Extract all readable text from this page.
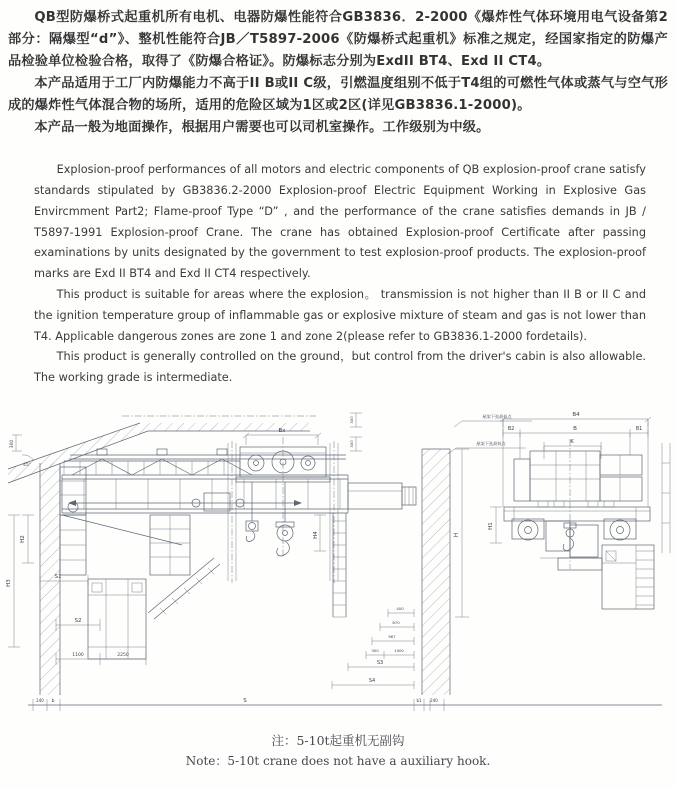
QB型防爆桥式起重机所有电机、电器防爆性能符合GB3836．2-2000《爆炸性气体环境用电气设备第2部分：隔爆型“d”》、整机性能符合JB／T5897-2006《防爆桥式起重机》标准之规定，经国家指定的防爆产品检验单位检验合格，取得了《防爆合格证》。防爆标志分别为ExdII BT4、Exd II CT4。

本产品适用于工厂内防爆能力不高于II B或II C级，引燃温度组别不低于T4组的可燃性气体或蒸气与空气形成的爆炸性气体混合物的场所，适用的危险区域为1区或2区(详见GB3836.1-2000)。

本产品一般为地面操作，根据用户需要也可以司机室操作。工作级别为中级。

Explosion-proof performances of all motors and electric components of QB explosion-proof crane satisfy standards stipulated by GB3836.2-2000 Explosion-proof Electric Equipment Working in Explosive Gas Envircmment Part2; Flame-proof Type “D” , and the performance of the crane satisfies demands in JB / T5897-1991 Explosion-proof Crane. The crane has obtained Explosion-proof Certificate after passing examinations by units designated by the government to test explosion-proof products. The explosion-proof marks are Exd II BT4 and Exd II CT4 respectively.

This product is suitable for areas where the explosion。 transmission is not higher than II B or II C and the ignition temperature group of inflammable gas or explosive mixture of steam and gas is not lower than T4. Applicable dangerous zones are zone 1 and zone 2(please refer to GB3836.1-2000 fordetails).

This product is generally controlled on the ground，but control from the driver's cabin is also allowable. The working grade is intermediate.

300
45°
Bx
H2
H3
S1
S2
1100	2250
240 b	S
H4	H
300
300
屋架下弦最低点
屋架下弦最低点
400
670
967
300	1000
S3
S4
b1 240
B4
B2	B	B1
K
H1
注：5-10t起重机无副钩
Note：5-10t crane does not have a auxiliary hook.
